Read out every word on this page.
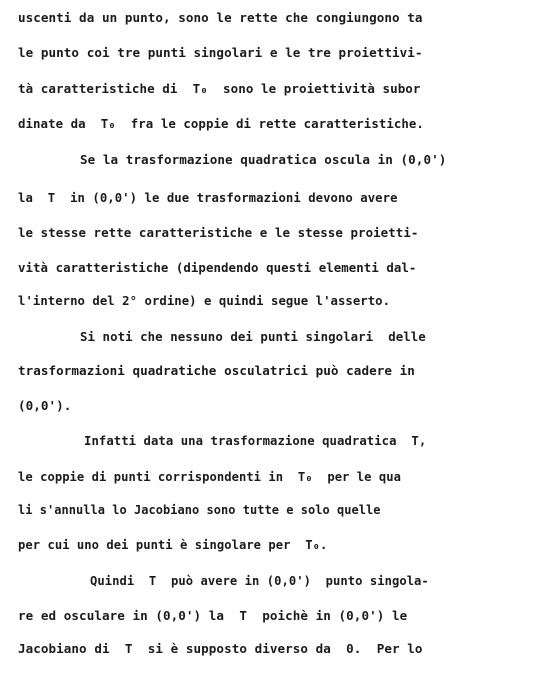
uscenti da un punto, sono le rette che congiungono ta
le punto coi tre punti singolari e le tre proiettivi-
tà caratteristiche di  T₀  sono le proiettività subor
dinate da  T₀  fra le coppie di rette caratteristiche.
Se la trasformazione quadratica oscula in (0,0')
la  T  in (0,0') le due trasformazioni devono avere
le stesse rette caratteristiche e le stesse proietti-
vità caratteristiche (dipendendo questi elementi dal-
l'interno del 2° ordine) e quindi segue l'asserto.
Si noti che nessuno dei punti singolari  delle
trasformazioni quadratiche osculatrici può cadere in
(0,0').
Infatti data una trasformazione quadratica  T,
le coppie di punti corrispondenti in  T₀  per le qua
li s'annulla lo Jacobiano sono tutte e solo quelle
per cui uno dei punti è singolare per  T₀.
Quindi  T  può avere in (0,0')  punto singola-
re ed osculare in (0,0') la  T  poichè in (0,0') le
Jacobiano di  T  si è supposto diverso da  0.  Per lo
